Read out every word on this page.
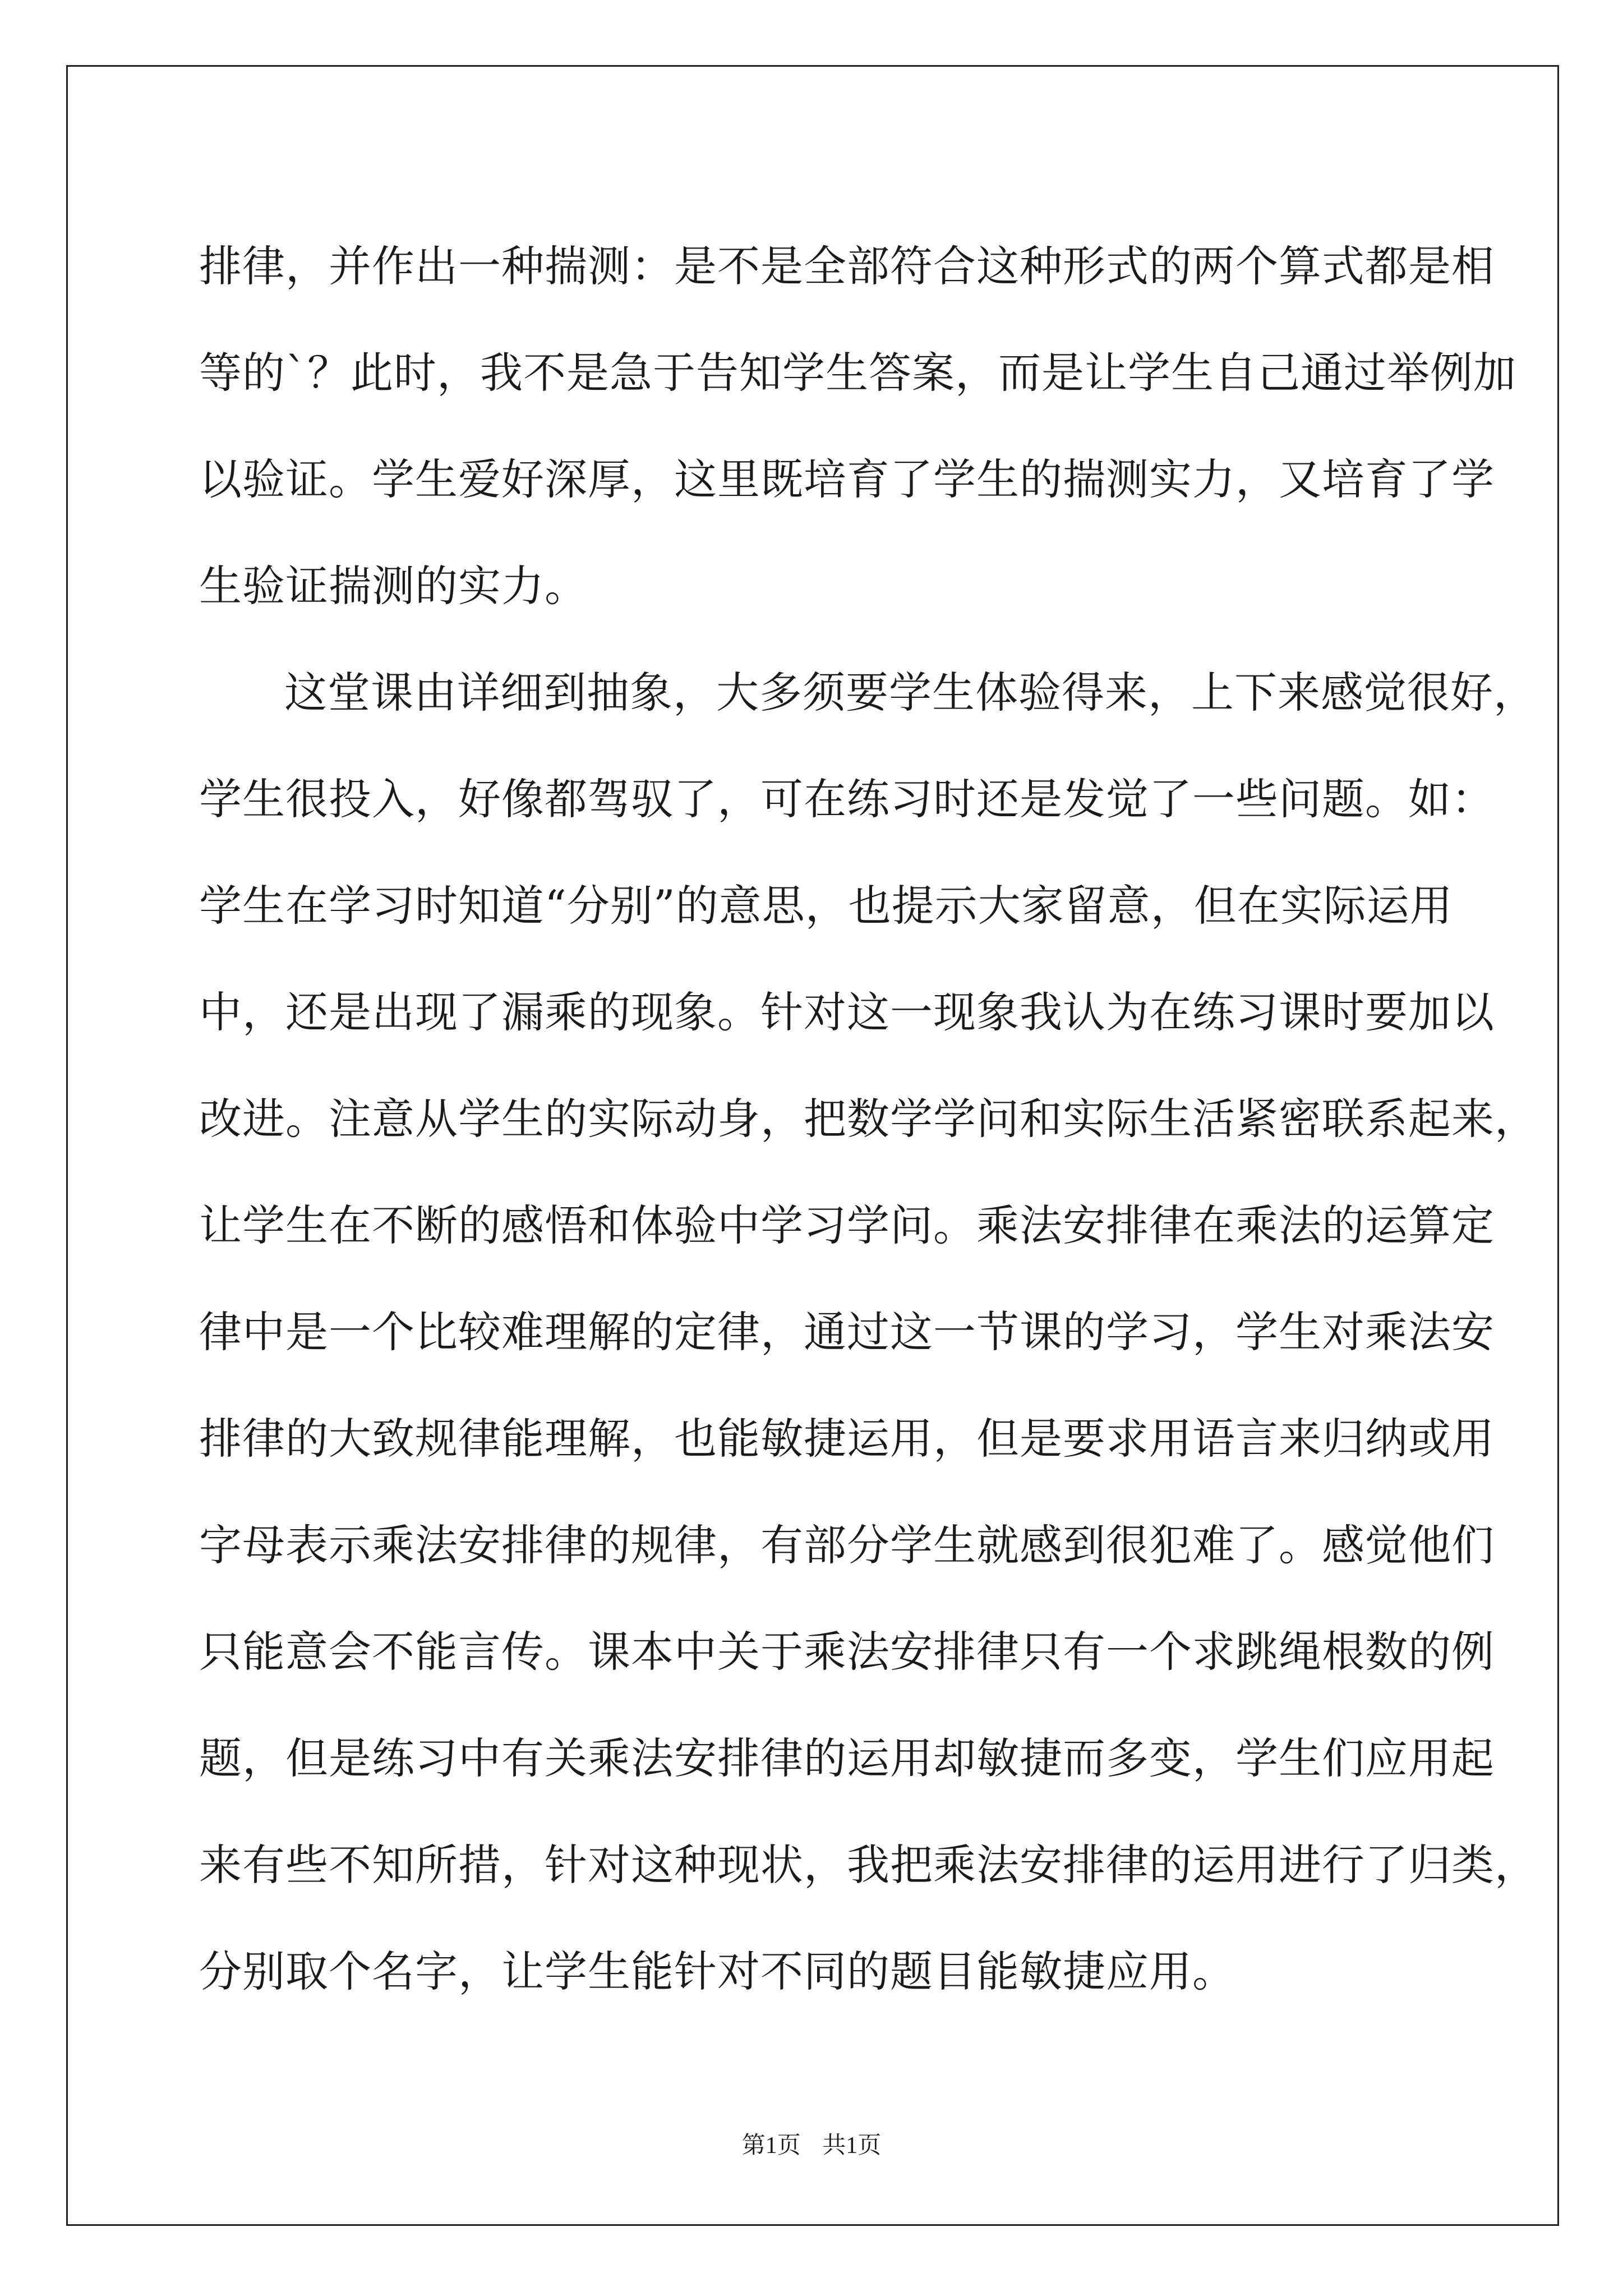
排律，并作出一种揣测：是不是全部符合这种形式的两个算式都是相
等的`？此时，我不是急于告知学生答案，而是让学生自己通过举例加
以验证。学生爱好深厚，这里既培育了学生的揣测实力，又培育了学
生验证揣测的实力。
这堂课由详细到抽象，大多须要学生体验得来，上下来感觉很好，
学生很投入，好像都驾驭了，可在练习时还是发觉了一些问题。如：
学生在学习时知道“分别”的意思，也提示大家留意，但在实际运用
中，还是出现了漏乘的现象。针对这一现象我认为在练习课时要加以
改进。注意从学生的实际动身，把数学学问和实际生活紧密联系起来，
让学生在不断的感悟和体验中学习学问。乘法安排律在乘法的运算定
律中是一个比较难理解的定律，通过这一节课的学习，学生对乘法安
排律的大致规律能理解，也能敏捷运用，但是要求用语言来归纳或用
字母表示乘法安排律的规律，有部分学生就感到很犯难了。感觉他们
只能意会不能言传。课本中关于乘法安排律只有一个求跳绳根数的例
题，但是练习中有关乘法安排律的运用却敏捷而多变，学生们应用起
来有些不知所措，针对这种现状，我把乘法安排律的运用进行了归类，
分别取个名字，让学生能针对不同的题目能敏捷应用。
第1页 共1页
